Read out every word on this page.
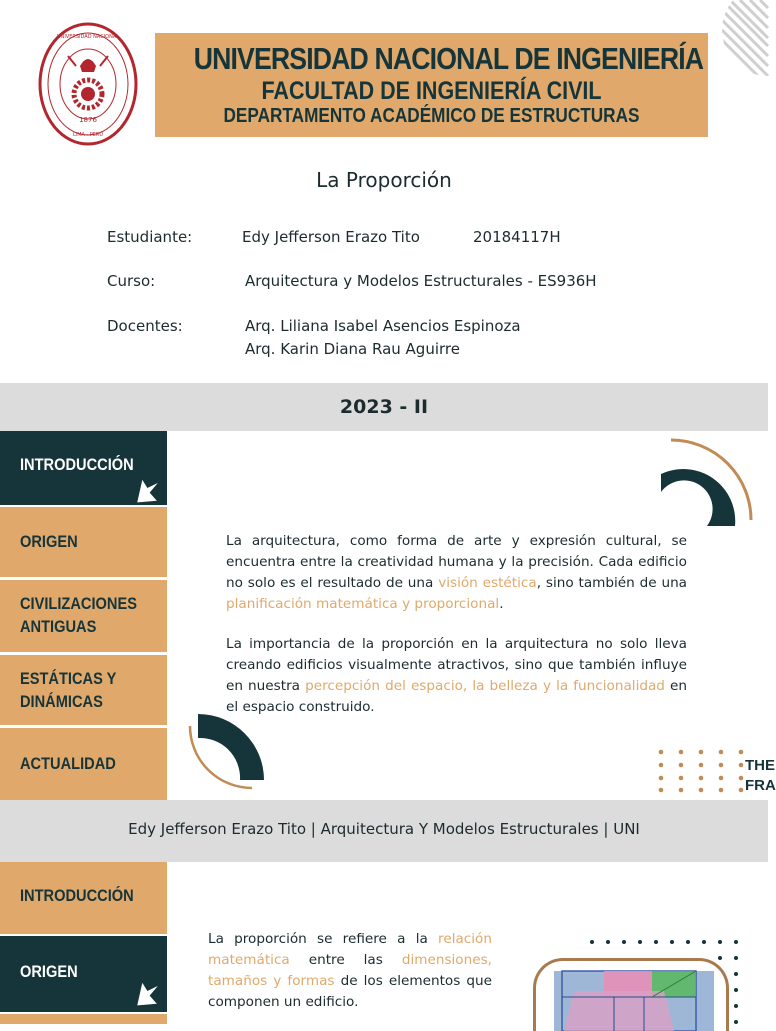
1876
UNIVERSIDAD NACIONAL
LIMA · PERÚ
UNIVERSIDAD NACIONAL DE INGENIERÍA
FACULTAD DE INGENIERÍA CIVIL
DEPARTAMENTO ACADÉMICO DE ESTRUCTURAS
La Proporción
Estudiante:	Edy Jefferson Erazo Tito	20184117H
Curso:	Arquitectura y Modelos Estructurales - ES936H
Docentes:	Arq. Liliana Isabel Asencios Espinoza
Arq. Karin Diana Rau Aguirre
2023 - II
INTRODUCCIÓN
ORIGEN
CIVILIZACIONES
ANTIGUAS
ESTÁTICAS Y
DINÁMICAS
ACTUALIDAD
La arquitectura, como forma de arte y expresión cultural, se encuentra entre la creatividad humana y la precisión. Cada edificio no solo es el resultado de una visión estética, sino también de una planificación matemática y proporcional.
La importancia de la proporción en la arquitectura no solo lleva creando edificios visualmente atractivos, sino que también influye en nuestra percepción del espacio, la belleza y la funcionalidad en el espacio construido.
THE
FRA
Edy Jefferson Erazo Tito | Arquitectura Y Modelos Estructurales | UNI
INTRODUCCIÓN
ORIGEN
La proporción se refiere a la relación matemática entre las dimensiones, tamaños y formas de los elementos que componen un edificio.
